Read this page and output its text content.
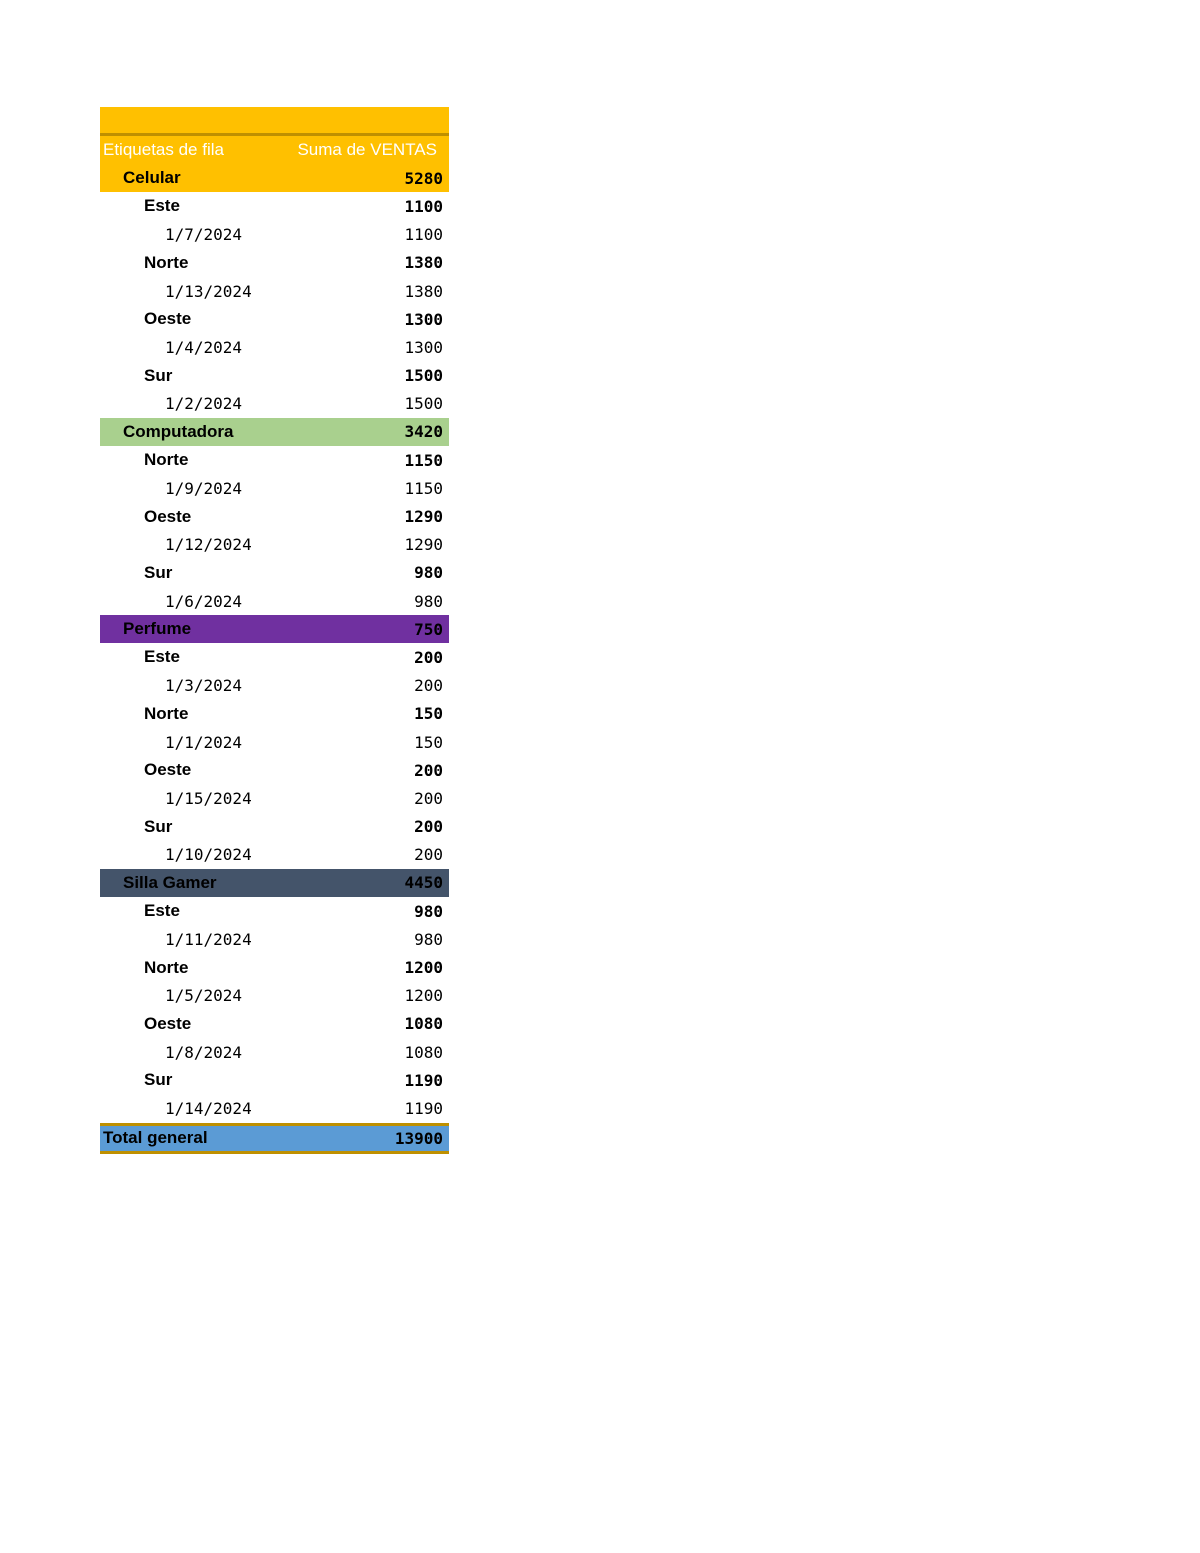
Etiquetas de fila	Suma de VENTAS
Celular	5280
Este	1100
1/7/2024	1100
Norte	1380
1/13/2024	1380
Oeste	1300
1/4/2024	1300
Sur	1500
1/2/2024	1500
Computadora	3420
Norte	1150
1/9/2024	1150
Oeste	1290
1/12/2024	1290
Sur	980
1/6/2024	980
Perfume	750
Este	200
1/3/2024	200
Norte	150
1/1/2024	150
Oeste	200
1/15/2024	200
Sur	200
1/10/2024	200
Silla Gamer	4450
Este	980
1/11/2024	980
Norte	1200
1/5/2024	1200
Oeste	1080
1/8/2024	1080
Sur	1190
1/14/2024	1190
Total general	13900
